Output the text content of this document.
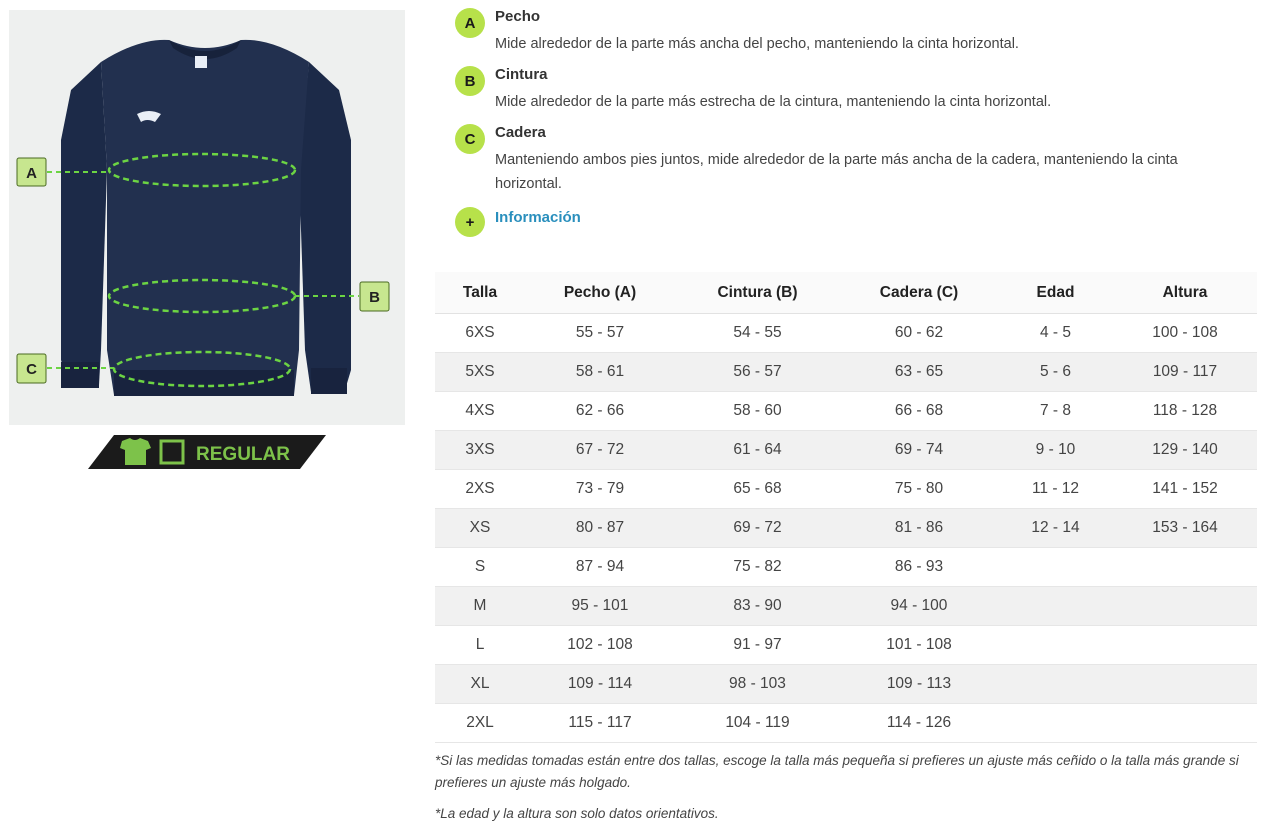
A
B
C
REGULAR
A	Pecho
Mide alrededor de la parte más ancha del pecho, manteniendo la cinta horizontal.
B	Cintura
Mide alrededor de la parte más estrecha de la cintura, manteniendo la cinta horizontal.
C	Cadera
Manteniendo ambos pies juntos, mide alrededor de la parte más ancha de la cadera, manteniendo la cinta horizontal.
+	Información
Talla	Pecho (A)	Cintura (B)	Cadera (C)	Edad	Altura
6XS	55 - 57	54 - 55	60 - 62	4 - 5	100 - 108
5XS	58 - 61	56 - 57	63 - 65	5 - 6	109 - 117
4XS	62 - 66	58 - 60	66 - 68	7 - 8	118 - 128
3XS	67 - 72	61 - 64	69 - 74	9 - 10	129 - 140
2XS	73 - 79	65 - 68	75 - 80	11 - 12	141 - 152
XS	80 - 87	69 - 72	81 - 86	12 - 14	153 - 164
S	87 - 94	75 - 82	86 - 93		
M	95 - 101	83 - 90	94 - 100		
L	102 - 108	91 - 97	101 - 108		
XL	109 - 114	98 - 103	109 - 113		
2XL	115 - 117	104 - 119	114 - 126		
*Si las medidas tomadas están entre dos tallas, escoge la talla más pequeña si prefieres un ajuste más ceñido o la talla más grande si prefieres un ajuste más holgado.
*La edad y la altura son solo datos orientativos.
